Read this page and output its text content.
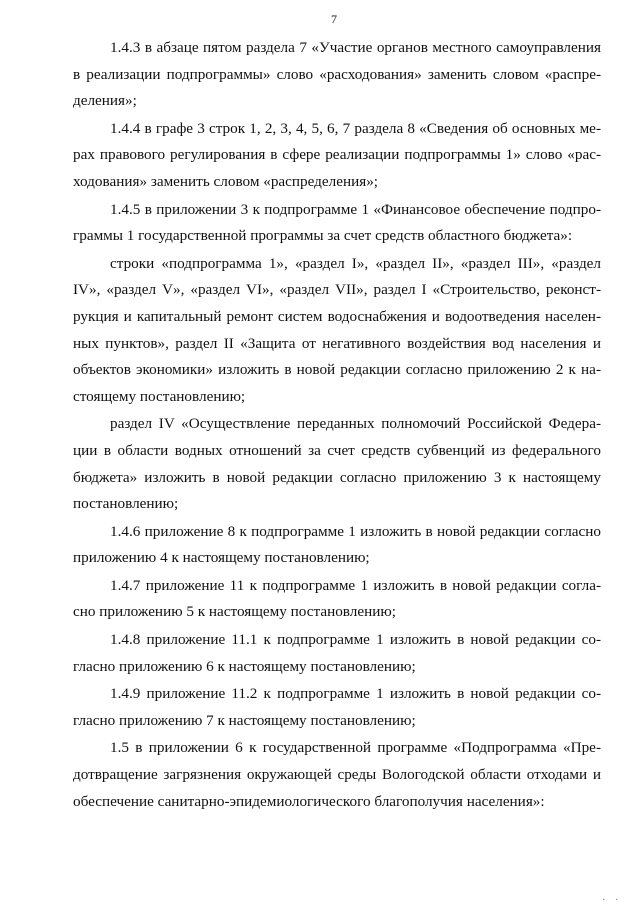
7

1.4.3 в абзаце пятом раздела 7 «Участие органов местного самоуправления в реализации подпрограммы» слово «расходования» заменить словом «распределения»;

1.4.4 в графе 3 строк 1, 2, 3, 4, 5, 6, 7 раздела 8 «Сведения об основных мерах правового регулирования в сфере реализации подпрограммы 1» слово «расходования» заменить словом «распределения»;

1.4.5 в приложении 3 к подпрограмме 1 «Финансовое обеспечение подпрограммы 1 государственной программы за счет средств областного бюджета»:

строки «подпрограмма 1», «раздел I», «раздел II», «раздел III», «раздел IV», «раздел V», «раздел VI», «раздел VII», раздел I «Строительство, реконструкция и капитальный ремонт систем водоснабжения и водоотведения населенных пунктов», раздел II «Защита от негативного воздействия вод населения и объектов экономики» изложить в новой редакции согласно приложению 2 к настоящему постановлению;

раздел IV «Осуществление переданных полномочий Российской Федерации в области водных отношений за счет средств субвенций из федерального бюджета» изложить в новой редакции согласно приложению 3 к настоящему постановлению;

1.4.6 приложение 8 к подпрограмме 1 изложить в новой редакции согласно приложению 4 к настоящему постановлению;

1.4.7 приложение 11 к подпрограмме 1 изложить в новой редакции согласно приложению 5 к настоящему постановлению;

1.4.8 приложение 11.1 к подпрограмме 1 изложить в новой редакции согласно приложению 6 к настоящему постановлению;

1.4.9 приложение 11.2 к подпрограмме 1 изложить в новой редакции согласно приложению 7 к настоящему постановлению;

1.5 в приложении 6 к государственной программе «Подпрограмма «Предотвращение загрязнения окружающей среды Вологодской области отходами и обеспечение санитарно-эпидемиологического благополучия населения»:

. .
